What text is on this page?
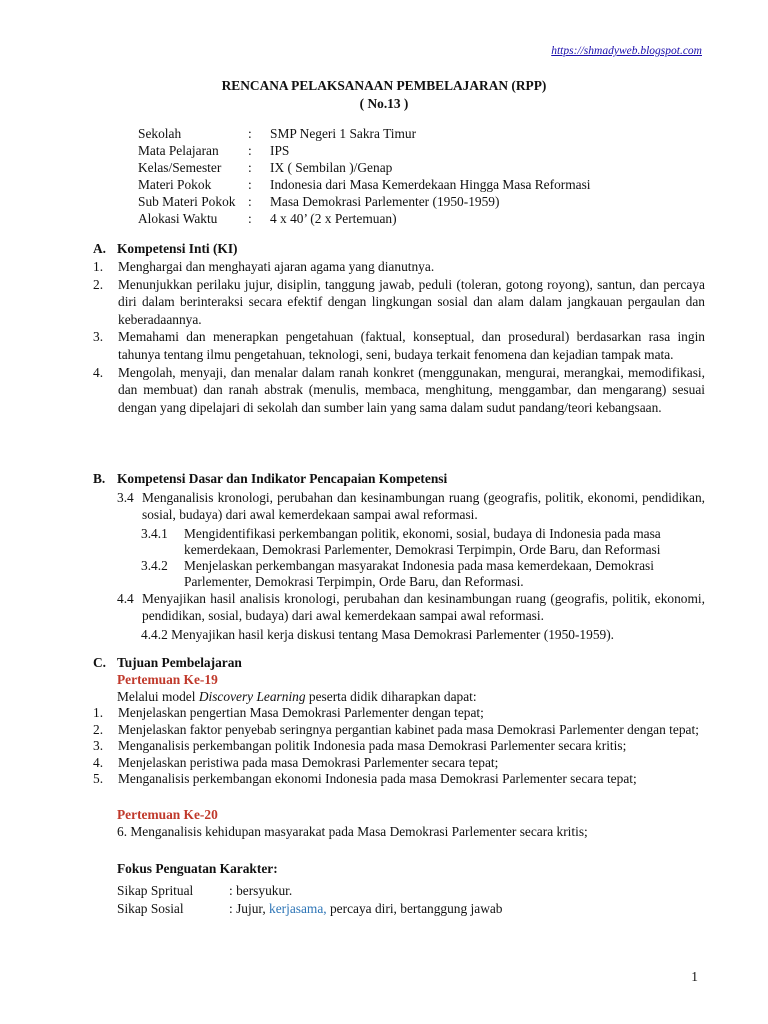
https://shmadyweb.blogspot.com
RENCANA PELAKSANAAN PEMBELAJARAN (RPP)
( No.13 )
Sekolah	:	SMP Negeri 1 Sakra Timur
Mata Pelajaran	:	IPS
Kelas/Semester	:	IX ( Sembilan )/Genap
Materi Pokok	:	Indonesia dari Masa Kemerdekaan Hingga Masa Reformasi
Sub Materi Pokok	:	Masa Demokrasi Parlementer (1950-1959)
Alokasi Waktu	:	4 x 40’ (2 x Pertemuan)
A. Kompetensi Inti (KI)
1. Menghargai dan menghayati ajaran agama yang dianutnya.
2. Menunjukkan perilaku jujur, disiplin, tanggung jawab, peduli (toleran, gotong royong), santun, dan percaya diri dalam berinteraksi secara efektif dengan lingkungan sosial dan alam dalam jangkauan pergaulan dan keberadaannya.
3. Memahami dan menerapkan pengetahuan (faktual, konseptual, dan prosedural) berdasarkan rasa ingin tahunya tentang ilmu pengetahuan, teknologi, seni, budaya terkait fenomena dan kejadian tampak mata.
4. Mengolah, menyaji, dan menalar dalam ranah konkret (menggunakan, mengurai, merangkai, memodifikasi, dan membuat) dan ranah abstrak (menulis, membaca, menghitung, menggambar, dan mengarang) sesuai dengan yang dipelajari di sekolah dan sumber lain yang sama dalam sudut pandang/teori kebangsaan.
B. Kompetensi Dasar dan Indikator Pencapaian Kompetensi
3.4 Menganalisis kronologi, perubahan dan kesinambungan ruang (geografis, politik, ekonomi, pendidikan, sosial, budaya) dari awal kemerdekaan sampai awal reformasi.
3.4.1 Mengidentifikasi perkembangan politik, ekonomi, sosial, budaya di Indonesia pada masa kemerdekaan, Demokrasi Parlementer, Demokrasi Terpimpin, Orde Baru, dan Reformasi
3.4.2 Menjelaskan perkembangan masyarakat Indonesia pada masa kemerdekaan, Demokrasi Parlementer, Demokrasi Terpimpin, Orde Baru, dan Reformasi.
4.4 Menyajikan hasil analisis kronologi, perubahan dan kesinambungan ruang (geografis, politik, ekonomi, pendidikan, sosial, budaya) dari awal kemerdekaan sampai awal reformasi.
4.4.2 Menyajikan hasil kerja diskusi tentang Masa Demokrasi Parlementer (1950-1959).
C. Tujuan Pembelajaran
Pertemuan Ke-19
Melalui model Discovery Learning peserta didik diharapkan dapat:
1. Menjelaskan pengertian Masa Demokrasi Parlementer dengan tepat;
2. Menjelaskan faktor penyebab seringnya pergantian kabinet pada masa Demokrasi Parlementer dengan tepat;
3. Menganalisis perkembangan politik Indonesia pada masa Demokrasi Parlementer secara kritis;
4. Menjelaskan peristiwa pada masa Demokrasi Parlementer secara tepat;
5. Menganalisis perkembangan ekonomi Indonesia pada masa Demokrasi Parlementer secara tepat;
Pertemuan Ke-20
6. Menganalisis kehidupan masyarakat pada Masa Demokrasi Parlementer secara kritis;
Fokus Penguatan Karakter:
Sikap Spritual	: bersyukur.
Sikap Sosial	: Jujur, kerjasama, percaya diri, bertanggung jawab
1
